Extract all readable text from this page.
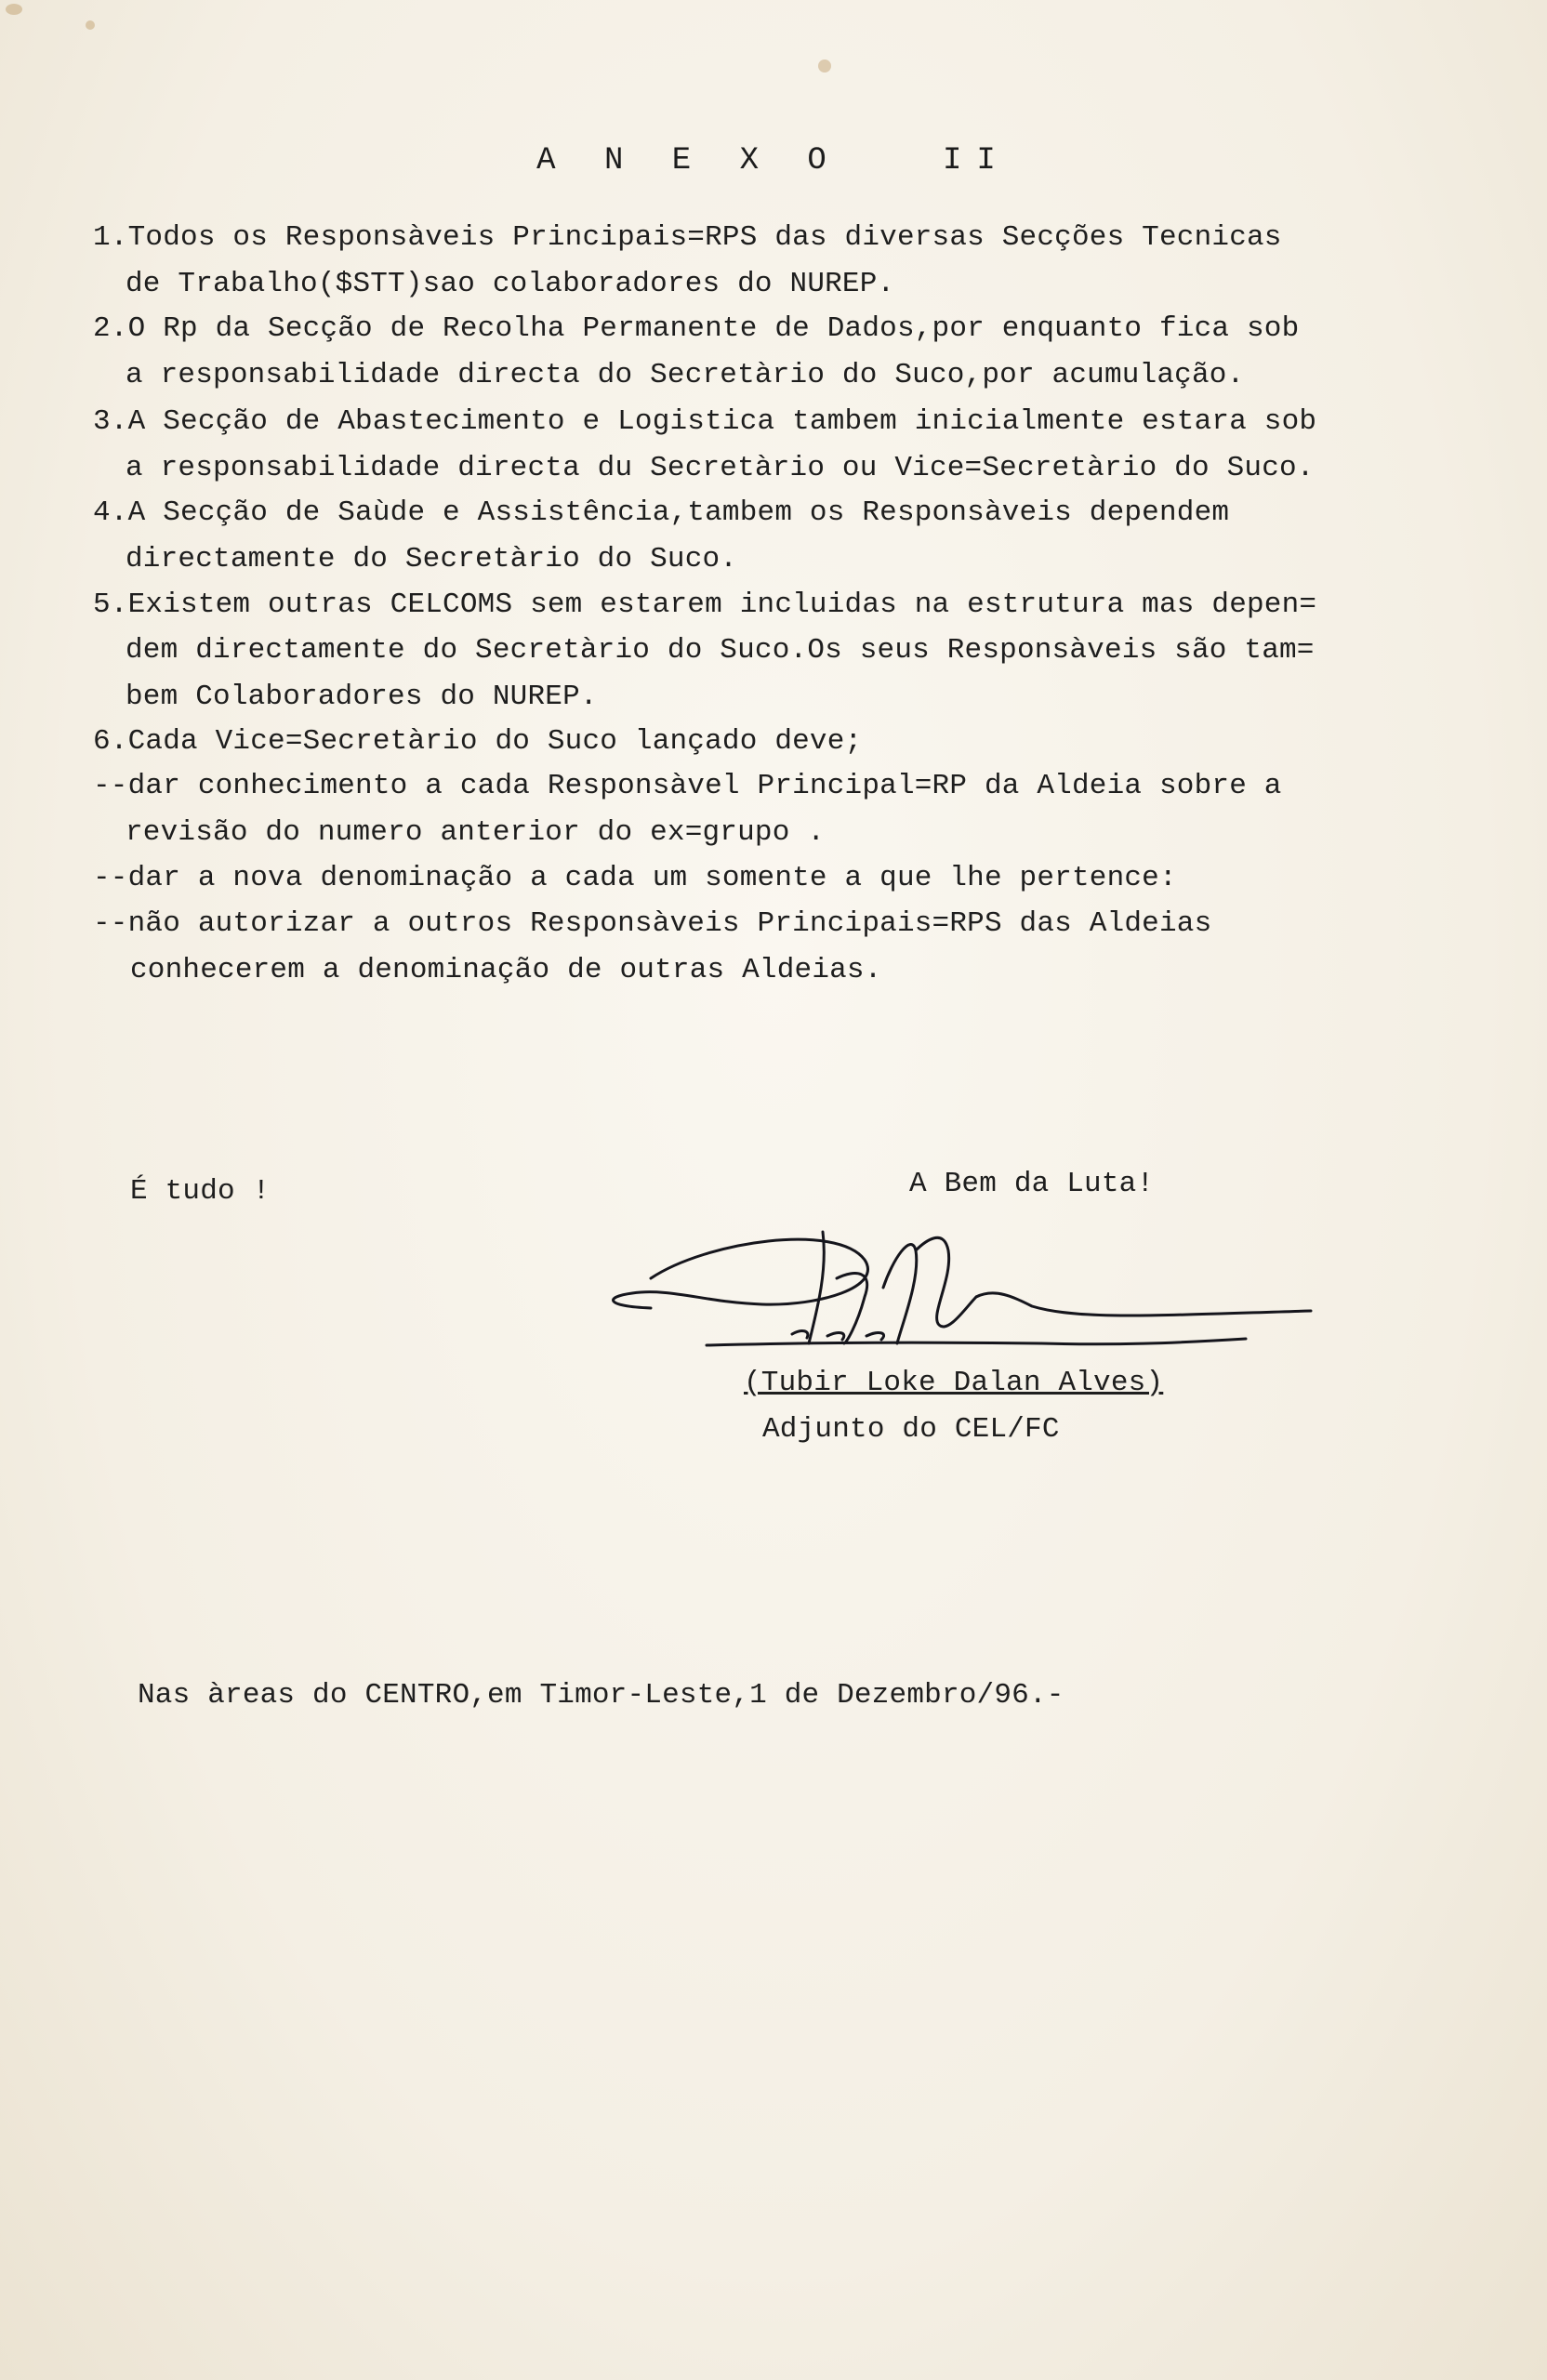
A N E X O   II
1.Todos os Responsàveis Principais=RPS das diversas Secções Tecnicas
de Trabalho($STT)sao colaboradores do NUREP.
2.O Rp da Secção de Recolha Permanente de Dados,por enquanto fica sob
a responsabilidade directa do Secretàrio do Suco,por acumulação.
3.A Secção de Abastecimento e Logistica tambem inicialmente estara sob
a responsabilidade directa du Secretàrio ou Vice=Secretàrio do Suco.
4.A Secção de Saùde e Assistência,tambem os Responsàveis dependem
directamente do Secretàrio do Suco.
5.Existem outras CELCOMS sem estarem incluidas na estrutura mas depen=
dem directamente do Secretàrio do Suco.Os seus Responsàveis são tam=
bem Colaboradores do NUREP.
6.Cada Vice=Secretàrio do Suco lançado deve;
--dar conhecimento a cada Responsàvel Principal=RP da Aldeia sobre a
revisão do numero anterior do ex=grupo .
--dar a nova denominação a cada um somente a que lhe pertence:
--não autorizar a outros Responsàveis Principais=RPS das Aldeias
conhecerem a denominação de outras Aldeias.
É tudo !	A Bem da Luta!
(Tubir Loke Dalan Alves)
Adjunto do CEL/FC
Nas àreas do CENTRO,em Timor-Leste,1 de Dezembro/96.-
